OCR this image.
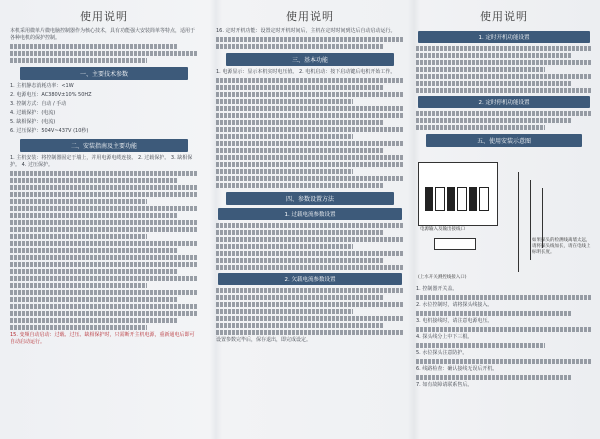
使用说明
本机采用微单片微电脑控制器作为核心技术，具有功能强大安装简单等特点，适用于各种电机的保护控制。
一、主要技术参数
1. 主机静态消耗功率：<1W
2. 电源电压：AC380V±10% 50HZ
3. 控制方式：自动 / 手动
4. 过载保护：(电流)
5. 缺相保护：(电流)
6. 过压保护：504V~437V (10秒)
二、安装指南及主要功能
1. 主机安装：将控制器固定于墙上，并用电源电缆连接。 2. 过载保护。 3. 缺相保护。 4. 过压保护。
15. 变频自动启动：过载、过压、缺相保护时，只需断开主机电源，重新通电后即可自动启动运行。
使用说明
16. 定时开机功能：设置定时开机时间后，主机在定时时间到达后自动启动运行。
三、基本功能
1. 电源显示：显示本机实时电压值。 2. 电机启动：按下启动键后电机开始工作。
四、参数设置方法
1. 过载电流参数设置
2. 欠载电流参数设置
设置参数完毕后，保存退出，即完成设定。
使用说明
1. 定时开机功能设置
2. 定时停机功能设置
五、使用安装示意图
电源输入及输出接线口
(上水开关测控线接入口)
如果探头的检测线离墙太远，请将探头线加长，请在电线上标明长度。
1. 控制器开关盖。
2. 水位控制时，请将探头线接入。
3. 电机接线时，请注意电源电压。
4. 探头线分上中下三根。
5. 水位探头注意防护。
6. 线路检查：确认接线无误后开机。
7. 如有故障请联系售后。
